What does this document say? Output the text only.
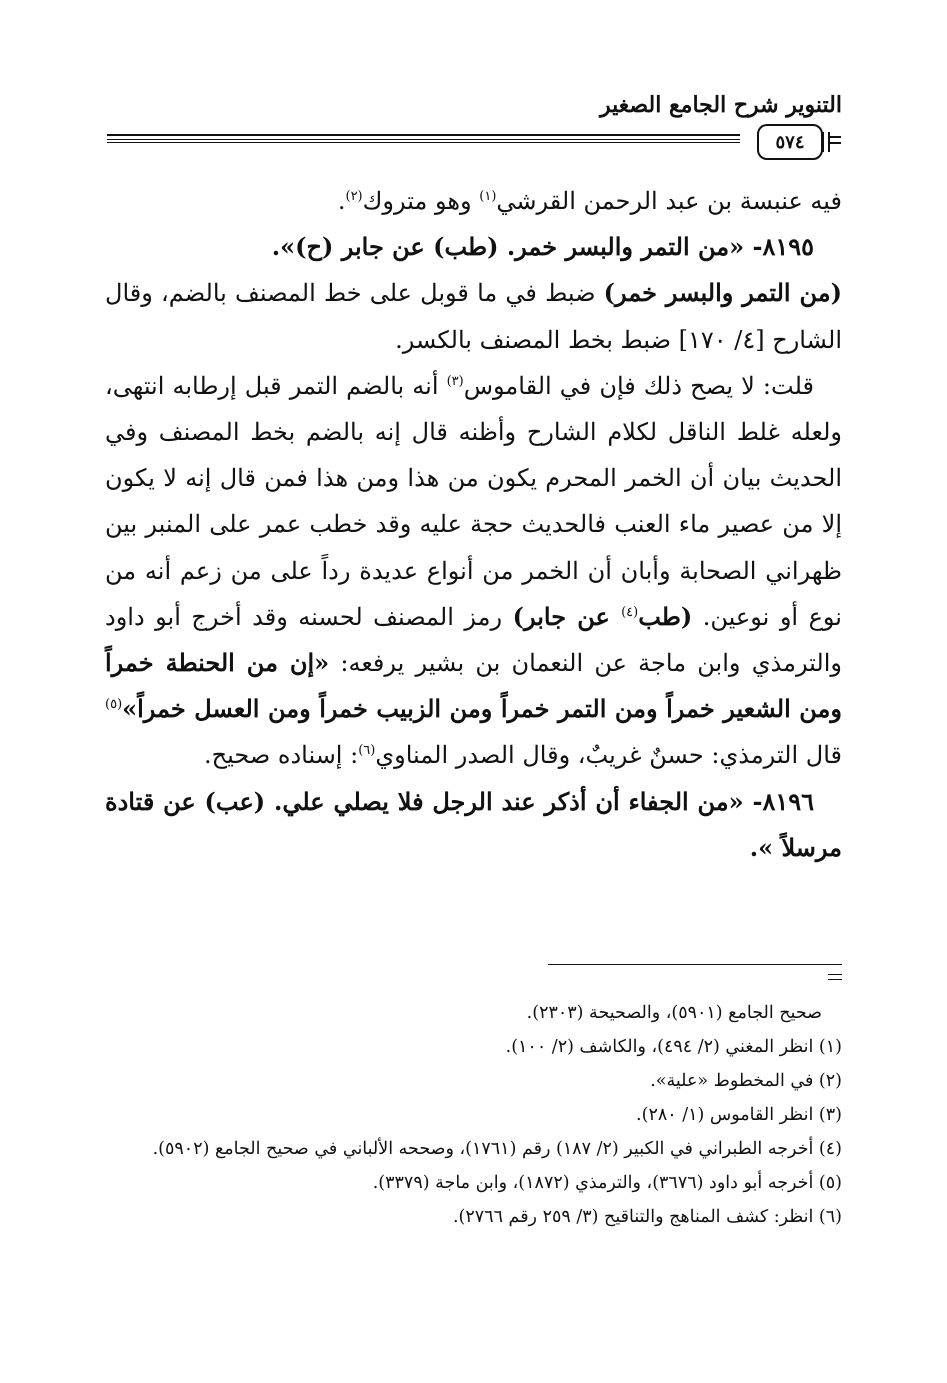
التنوير شرح الجامع الصغير
٥٧٤

فيه عنبسة بن عبد الرحمن القرشي$^{(١)}$ وهو متروك$^{(٢)}$.

٨١٩٥- «من التمر والبسر خمر. (طب) عن جابر (ح)».

(من التمر والبسر خمر) ضبط في ما قوبل على خط المصنف بالضم، وقال الشارح [٤/ ١٧٠] ضبط بخط المصنف بالكسر.

قلت: لا يصح ذلك فإن في القاموس$^{(٣)}$ أنه بالضم التمر قبل إرطابه انتهى، ولعله غلط الناقل لكلام الشارح وأظنه قال إنه بالضم بخط المصنف وفي الحديث بيان أن الخمر المحرم يكون من هذا ومن هذا فمن قال إنه لا يكون إلا من عصير ماء العنب فالحديث حجة عليه وقد خطب عمر على المنبر بين ظهراني الصحابة وأبان أن الخمر من أنواع عديدة رداً على من زعم أنه من نوع أو نوعين. (طب$^{(٤)}$ عن جابر) رمز المصنف لحسنه وقد أخرج أبو داود والترمذي وابن ماجة عن النعمان بن بشير يرفعه: «إن من الحنطة خمراً ومن الشعير خمراً ومن التمر خمراً ومن الزبيب خمراً ومن العسل خمراً»$^{(٥)}$ قال الترمذي: حسنٌ غريبٌ، وقال الصدر المناوي$^{(٦)}$: إسناده صحيح.

٨١٩٦- «من الجفاء أن أذكر عند الرجل فلا يصلي علي. (عب) عن قتادة مرسلاً ».

صحيح الجامع (٥٩٠١)، والصحيحة (٢٣٠٣).

(١) انظر المغني (٢/ ٤٩٤)، والكاشف (٢/ ١٠٠).

(٢) في المخطوط «علية».

(٣) انظر القاموس (١/ ٢٨٠).

(٤) أخرجه الطبراني في الكبير (٢/ ١٨٧) رقم (١٧٦١)، وصححه الألباني في صحيح الجامع (٥٩٠٢).

(٥) أخرجه أبو داود (٣٦٧٦)، والترمذي (١٨٧٢)، وابن ماجة (٣٣٧٩).

(٦) انظر: كشف المناهج والتناقيح (٣/ ٢٥٩ رقم ٢٧٦٦).
